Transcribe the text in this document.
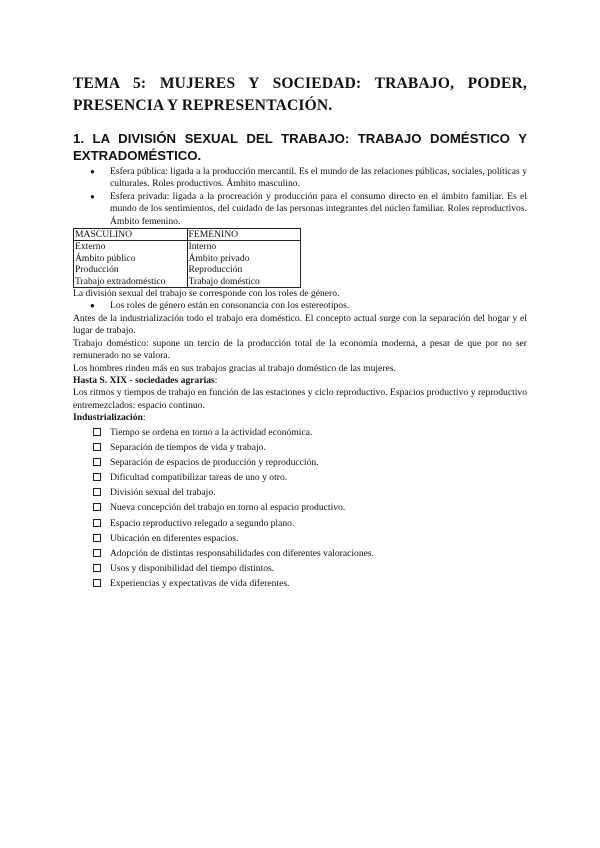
TEMA 5: MUJERES Y SOCIEDAD: TRABAJO, PODER,
PRESENCIA Y REPRESENTACIÓN.
1. LA DIVISIÓN SEXUAL DEL TRABAJO: TRABAJO DOMÉSTICO Y
EXTRADOMÉSTICO.
● Esfera pública: ligada a la producción mercantil. Es el mundo de las relaciones públicas, sociales, políticas y culturales. Roles productivos. Ámbito masculino.
● Esfera privada: ligada a la procreación y producción para el consumo directo en el ámbito familiar. Es el mundo de los sentimientos, del cuidado de las personas integrantes del núcleo familiar. Roles reproductivos. Ámbito femenino.
MASCULINO	FEMENINO
Externo	Interno
Ámbito público	Ámbito privado
Producción	Reproducción
Trabajo extradoméstico	Trabajo doméstico

La división sexual del trabajo se corresponde con los roles de género.

● Los roles de género están en consonancia con los estereotipos.

Antes de la industrialización todo el trabajo era doméstico. El concepto actual surge con la separación del hogar y el lugar de trabajo.

Trabajo doméstico: supone un tercio de la producción total de la economía moderna, a pesar de que por no ser remunerado no se valora.

Los hombres rinden más en sus trabajos gracias al trabajo doméstico de las mujeres.

Hasta S. XIX - sociedades agrarias:

Los ritmos y tiempos de trabajo en función de las estaciones y ciclo reproductivo. Espacios productivo y reproductivo entremezclados: espacio continuo.

Industrialización:

Tiempo se ordena en torno a la actividad económica.
Separación de tiempos de vida y trabajo.
Separación de espacios de producción y reproducción.
Dificultad compatibilizar tareas de uno y otro.
División sexual del trabajo.
Nueva concepción del trabajo en torno al espacio productivo.
Espacio reproductivo relegado a segundo plano.
Ubicación en diferentes espacios.
Adopción de distintas responsabilidades con diferentes valoraciones.
Usos y disponibilidad del tiempo distintos.
Experiencias y expectativas de vida diferentes.
